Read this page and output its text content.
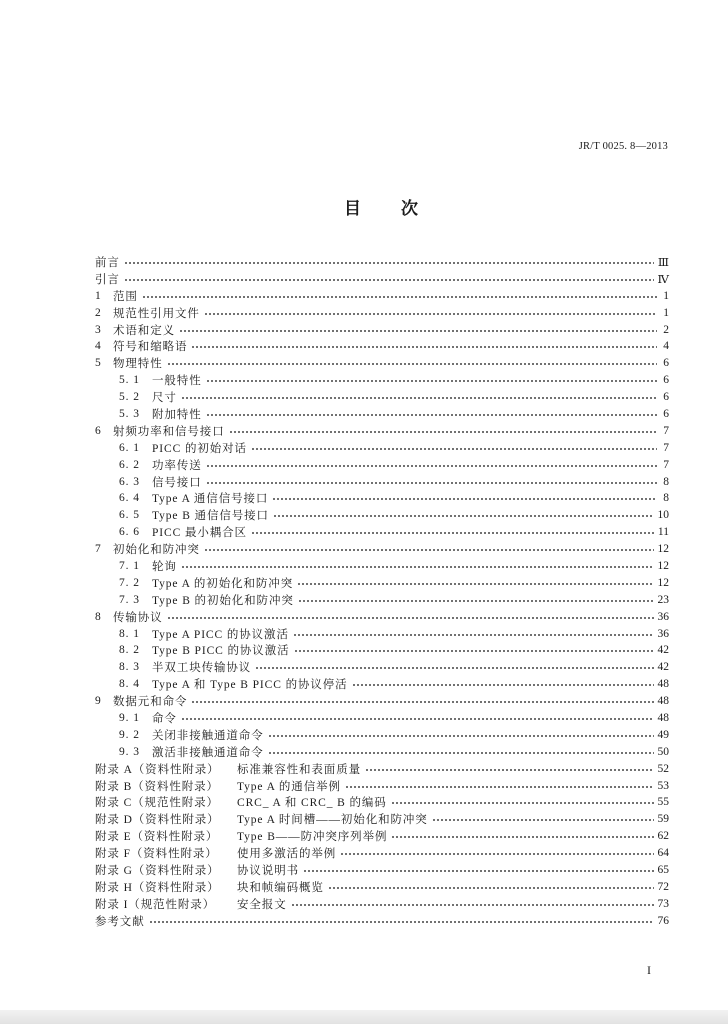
JR/T 0025. 8—2013
目　　次
前言	Ⅲ
引言	Ⅳ
1 范围	1
2 规范性引用文件	1
3 术语和定义	2
4 符号和缩略语	4
5 物理特性	6
5. 1	一般特性	6
5. 2	尺寸	6
5. 3	附加特性	6
6 射频功率和信号接口	7
6. 1	PICC 的初始对话	7
6. 2	功率传送	7
6. 3	信号接口	8
6. 4	Type A 通信信号接口	8
6. 5	Type B 通信信号接口	10
6. 6	PICC 最小耦合区	11
7 初始化和防冲突	12
7. 1	轮询	12
7. 2	Type A 的初始化和防冲突	12
7. 3	Type B 的初始化和防冲突	23
8 传输协议	36
8. 1	Type A PICC 的协议激活	36
8. 2	Type B PICC 的协议激活	42
8. 3	半双工块传输协议	42
8. 4	Type A 和 Type B PICC 的协议停活	48
9 数据元和命令	48
9. 1	命令	48
9. 2	关闭非接触通道命令	49
9. 3	激活非接触通道命令	50
附录 A（资料性附录）	标准兼容性和表面质量	52
附录 B（资料性附录）	Type A 的通信举例	53
附录 C（规范性附录）	CRC_ A 和 CRC_ B 的编码	55
附录 D（资料性附录）	Type A 时间槽——初始化和防冲突	59
附录 E（资料性附录）	Type B——防冲突序列举例	62
附录 F（资料性附录）	使用多激活的举例	64
附录 G（资料性附录）	协议说明书	65
附录 H（资料性附录）	块和帧编码概览	72
附录 I（规范性附录）	安全报文	73
参考文献	76
I
